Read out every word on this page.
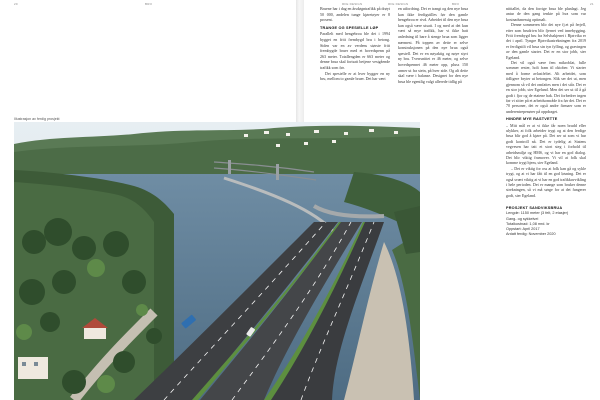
20	BRO	RFE DESIGN	RFE DESIGN	BRO	21

Bruene har i dag en årsdøgntrafikk på drøyt 50 000, andelen tunge kjøretøyer er 8 prosent.

TRANGE OG SPESIELLE LØP

Parallelt med hengebroa ble det i 1994 bygget en fritt frembygd bru i betong. Siden var en av verdens største fritt frembygde bruer med et hovedspenn på 263 meter. Totallengden er 663 meter og denne brua skal fortsatt betjene vestgående trafikk som før.

Det spesielle er at hver bygger en ny bru, mellom to gamle bruer. Det har vært

en utfordring. Det er trangt og den nye brua kan ikke ferdigstilles før den gamle hengebroa er rivd. Arbeidet til den nye brua kan også være utsatt. I og med at det kun vært så mye trafikk, har vi ikke hatt anledning til bare å stenge brua som ligger nærmest. På toppen av dette er selve konstruksjonen på den nye brua også spesiell. Det er en nøyaktig og nøye styrt ny bru. Tverrsnittet er 46 meter, og selve hovedspennet 46 meter opp, pluss 150 armer ut fra stein, på hver side. Og alt dette skal være i balanse. Designet for den nye brua ble egentlig valgt allerede tidlig på

nitttallet, da den forrige brua ble planlagt. Jeg antar de den gang tenkte på hva som var kostnadsmessig optimalt.

Denne sommeren blir det nye fj.et på ferjell, etter som brudrivn blir fjernet ved innebygging. Fritt frembygd bru fra Selvhakjenet i Bjørvika er det i april. Tyngre Bjørvikastrekningen fra 2019 er ferdigstilt vil brua sin tyn fylling, og gravingen av den gamle starter. Det er en stor jobb, sier Egeland.

Det vil også være fem mikroblat, fulle sommer rester, holt fram til oktober. Vi starter med å forme avlastfeltet. Alt arbeidet, som tidligere bryter ut betongen. Slik ser det ut, men gjennom så vil det omfattes men i det står. Det er en stor jobb, sier Egeland. Men det ser ut til å gå godt i fjor og de etatene bak. Det forbedrer ingen før vi sitter på et arbeidsområde fra før det. Det er 70 personer, det er også andre firmaer som er underentrepenører på oppdraget.

HINDRE MYE RASTVETTE

– Mitt mål er at vi ikke får noen brudd eller ulykker, at folk arbeider trygt og at den ferdige brua blir god å kjøre på. Det ser ut som vi har godt kontroll nå. Det er tydelig at Statens vegvesen har tatt et stort steg i forhold til arbeidsmiljø og HMS, og vi har en god dialog. Det blir viktig framover. Vi vil at folk skal komme trygt hjem, sier Egeland.

– Det er viktig for oss at folk kan gå og sykle trygt, og at vi har fått til en god løsning. Det er også svært viktig at vi har en god trafikkavvikling i hele perioden. Det er mange som bruker denne strekningen, så vi må sørge for at det fungerer godt, sier Egeland.

PROSJEKT SANDVIKSBRUA
Lengde: 1150 meter (3 felt, 2 etasjer)
Gang- og sykkelvei
Totalkostnad: 1,08 mrd. kr
Oppstart: April 2017
Antatt ferdig: November 2020
Illustrasjon av ferdig prosjekt
